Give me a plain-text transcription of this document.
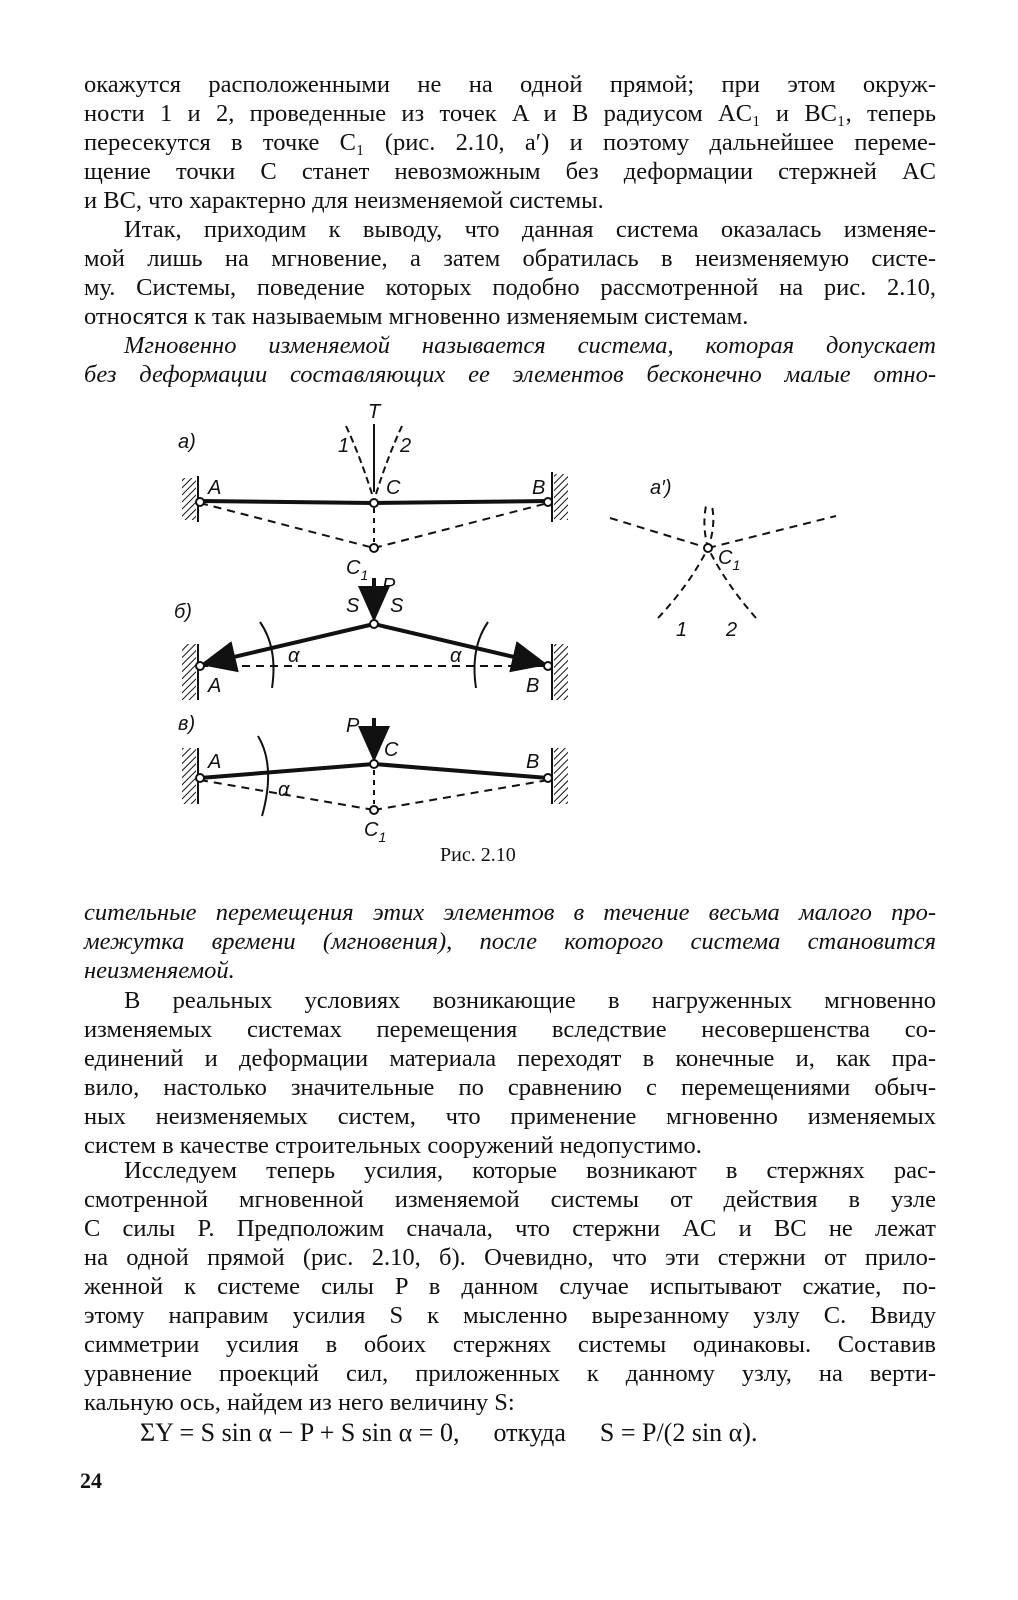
окажутся расположенными не на одной прямой; при этом окруж-
ности 1 и 2, проведенные из точек A и B радиусом AC₁ и BC₁, теперь
пересекутся в точке C₁ (рис. 2.10, a′) и поэтому дальнейшее переме-
щение точки C станет невозможным без деформации стержней AC
и BC, что характерно для неизменяемой системы.
Итак, приходим к выводу, что данная система оказалась изменяе-
мой лишь на мгновение, а затем обратилась в неизменяемую систе-
му. Системы, поведение которых подобно рассмотренной на рис. 2.10,
относятся к так называемым мгновенно изменяемым системам.
Мгновенно изменяемой называется система, которая допускает
без деформации составляющих ее элементов бесконечно малые отно-
а)
T
1	2
A	C	B
$C_1$
а′)
$C_1$
1 2
б)
α	α
P
S S
A	B
в)
α
P
C
A	B
$C_1$
Рис. 2.10
сительные перемещения этих элементов в течение весьма малого про-
межутка времени (мгновения), после которого система становится
неизменяемой.
В реальных условиях возникающие в нагруженных мгновенно
изменяемых системах перемещения вследствие несовершенства со-
единений и деформации материала переходят в конечные и, как пра-
вило, настолько значительные по сравнению с перемещениями обыч-
ных неизменяемых систем, что применение мгновенно изменяемых
систем в качестве строительных сооружений недопустимо.
Исследуем теперь усилия, которые возникают в стержнях рас-
смотренной мгновенной изменяемой системы от действия в узле
C силы P. Предположим сначала, что стержни AC и BC не лежат
на одной прямой (рис. 2.10, б). Очевидно, что эти стержни от прило-
женной к системе силы P в данном случае испытывают сжатие, по-
этому направим усилия S к мысленно вырезанному узлу C. Ввиду
симметрии усилия в обоих стержнях системы одинаковы. Составив
уравнение проекций сил, приложенных к данному узлу, на верти-
кальную ось, найдем из него величину S:
ΣY = S sin α − P + S sin α = 0, откуда S = P/(2 sin α).
24
